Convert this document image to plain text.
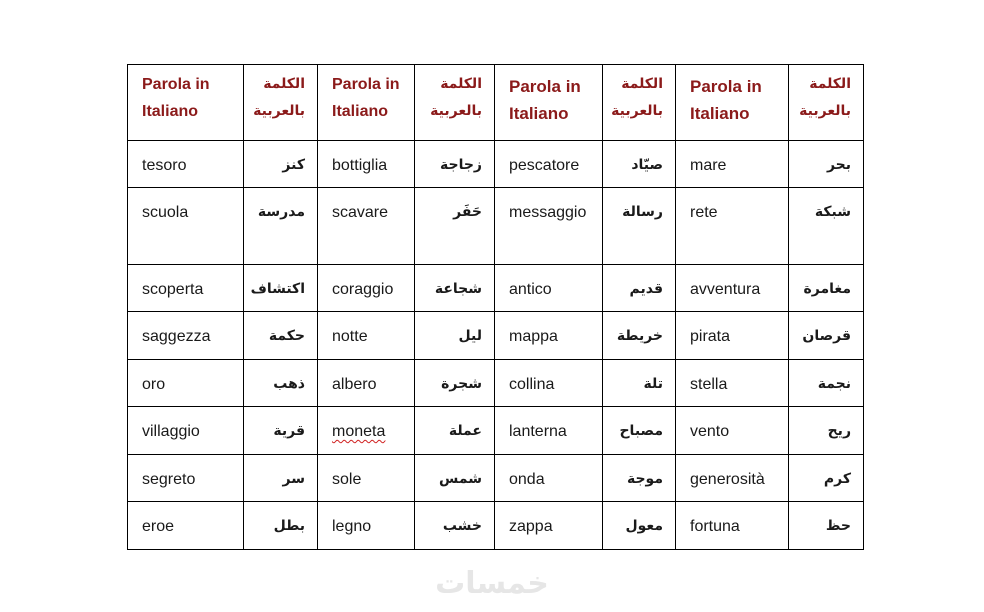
Parola in Italiano	الكلمة بالعربية	Parola in Italiano	الكلمة بالعربية	Parola in Italiano	الكلمة بالعربية	Parola in Italiano	الكلمة بالعربية

tesoro	كنز	bottiglia	زجاجة	pescatore	صيّاد	mare	بحر

scuola	مدرسة	scavare	حَفَر	messaggio	رسالة	rete	شبكة

scoperta	اكتشاف	coraggio	شجاعة	antico	قديم	avventura	مغامرة

saggezza	حكمة	notte	ليل	mappa	خريطة	pirata	قرصان

oro	ذهب	albero	شجرة	collina	تلة	stella	نجمة

villaggio	قرية	moneta	عملة	lanterna	مصباح	vento	ريح

segreto	سر	sole	شمس	onda	موجة	generosità	كرم

eroe	بطل	legno	خشب	zappa	معول	fortuna	حظ
خمسات
